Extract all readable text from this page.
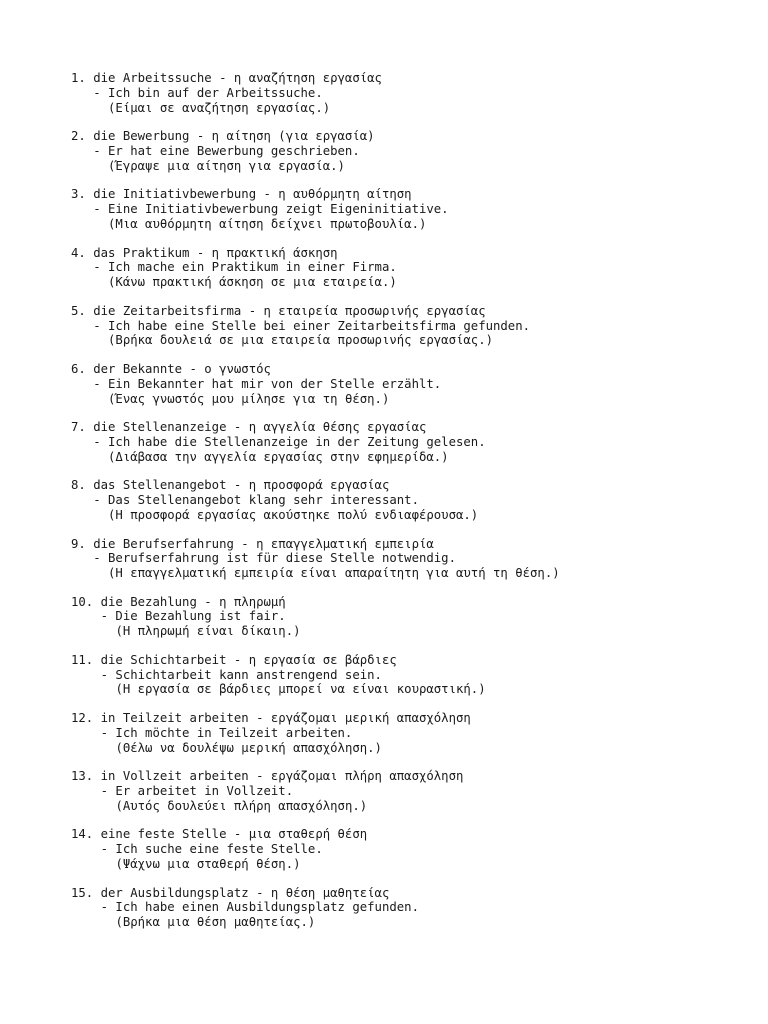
1. die Arbeitssuche - η αναζήτηση εργασίας
- Ich bin auf der Arbeitssuche.
(Είμαι σε αναζήτηση εργασίας.)
2. die Bewerbung - η αίτηση (για εργασία)
- Er hat eine Bewerbung geschrieben.
(Έγραψε μια αίτηση για εργασία.)
3. die Initiativbewerbung - η αυθόρμητη αίτηση
- Eine Initiativbewerbung zeigt Eigeninitiative.
(Μια αυθόρμητη αίτηση δείχνει πρωτοβουλία.)
4. das Praktikum - η πρακτική άσκηση
- Ich mache ein Praktikum in einer Firma.
(Κάνω πρακτική άσκηση σε μια εταιρεία.)
5. die Zeitarbeitsfirma - η εταιρεία προσωρινής εργασίας
- Ich habe eine Stelle bei einer Zeitarbeitsfirma gefunden.
(Βρήκα δουλειά σε μια εταιρεία προσωρινής εργασίας.)
6. der Bekannte - ο γνωστός
- Ein Bekannter hat mir von der Stelle erzählt.
(Ένας γνωστός μου μίλησε για τη θέση.)
7. die Stellenanzeige - η αγγελία θέσης εργασίας
- Ich habe die Stellenanzeige in der Zeitung gelesen.
(Διάβασα την αγγελία εργασίας στην εφημερίδα.)
8. das Stellenangebot - η προσφορά εργασίας
- Das Stellenangebot klang sehr interessant.
(Η προσφορά εργασίας ακούστηκε πολύ ενδιαφέρουσα.)
9. die Berufserfahrung - η επαγγελματική εμπειρία
- Berufserfahrung ist für diese Stelle notwendig.
(Η επαγγελματική εμπειρία είναι απαραίτητη για αυτή τη θέση.)
10. die Bezahlung - η πληρωμή
- Die Bezahlung ist fair.
(Η πληρωμή είναι δίκαιη.)
11. die Schichtarbeit - η εργασία σε βάρδιες
- Schichtarbeit kann anstrengend sein.
(Η εργασία σε βάρδιες μπορεί να είναι κουραστική.)
12. in Teilzeit arbeiten - εργάζομαι μερική απασχόληση
- Ich möchte in Teilzeit arbeiten.
(Θέλω να δουλέψω μερική απασχόληση.)
13. in Vollzeit arbeiten - εργάζομαι πλήρη απασχόληση
- Er arbeitet in Vollzeit.
(Αυτός δουλεύει πλήρη απασχόληση.)
14. eine feste Stelle - μια σταθερή θέση
- Ich suche eine feste Stelle.
(Ψάχνω μια σταθερή θέση.)
15. der Ausbildungsplatz - η θέση μαθητείας
- Ich habe einen Ausbildungsplatz gefunden.
(Βρήκα μια θέση μαθητείας.)
